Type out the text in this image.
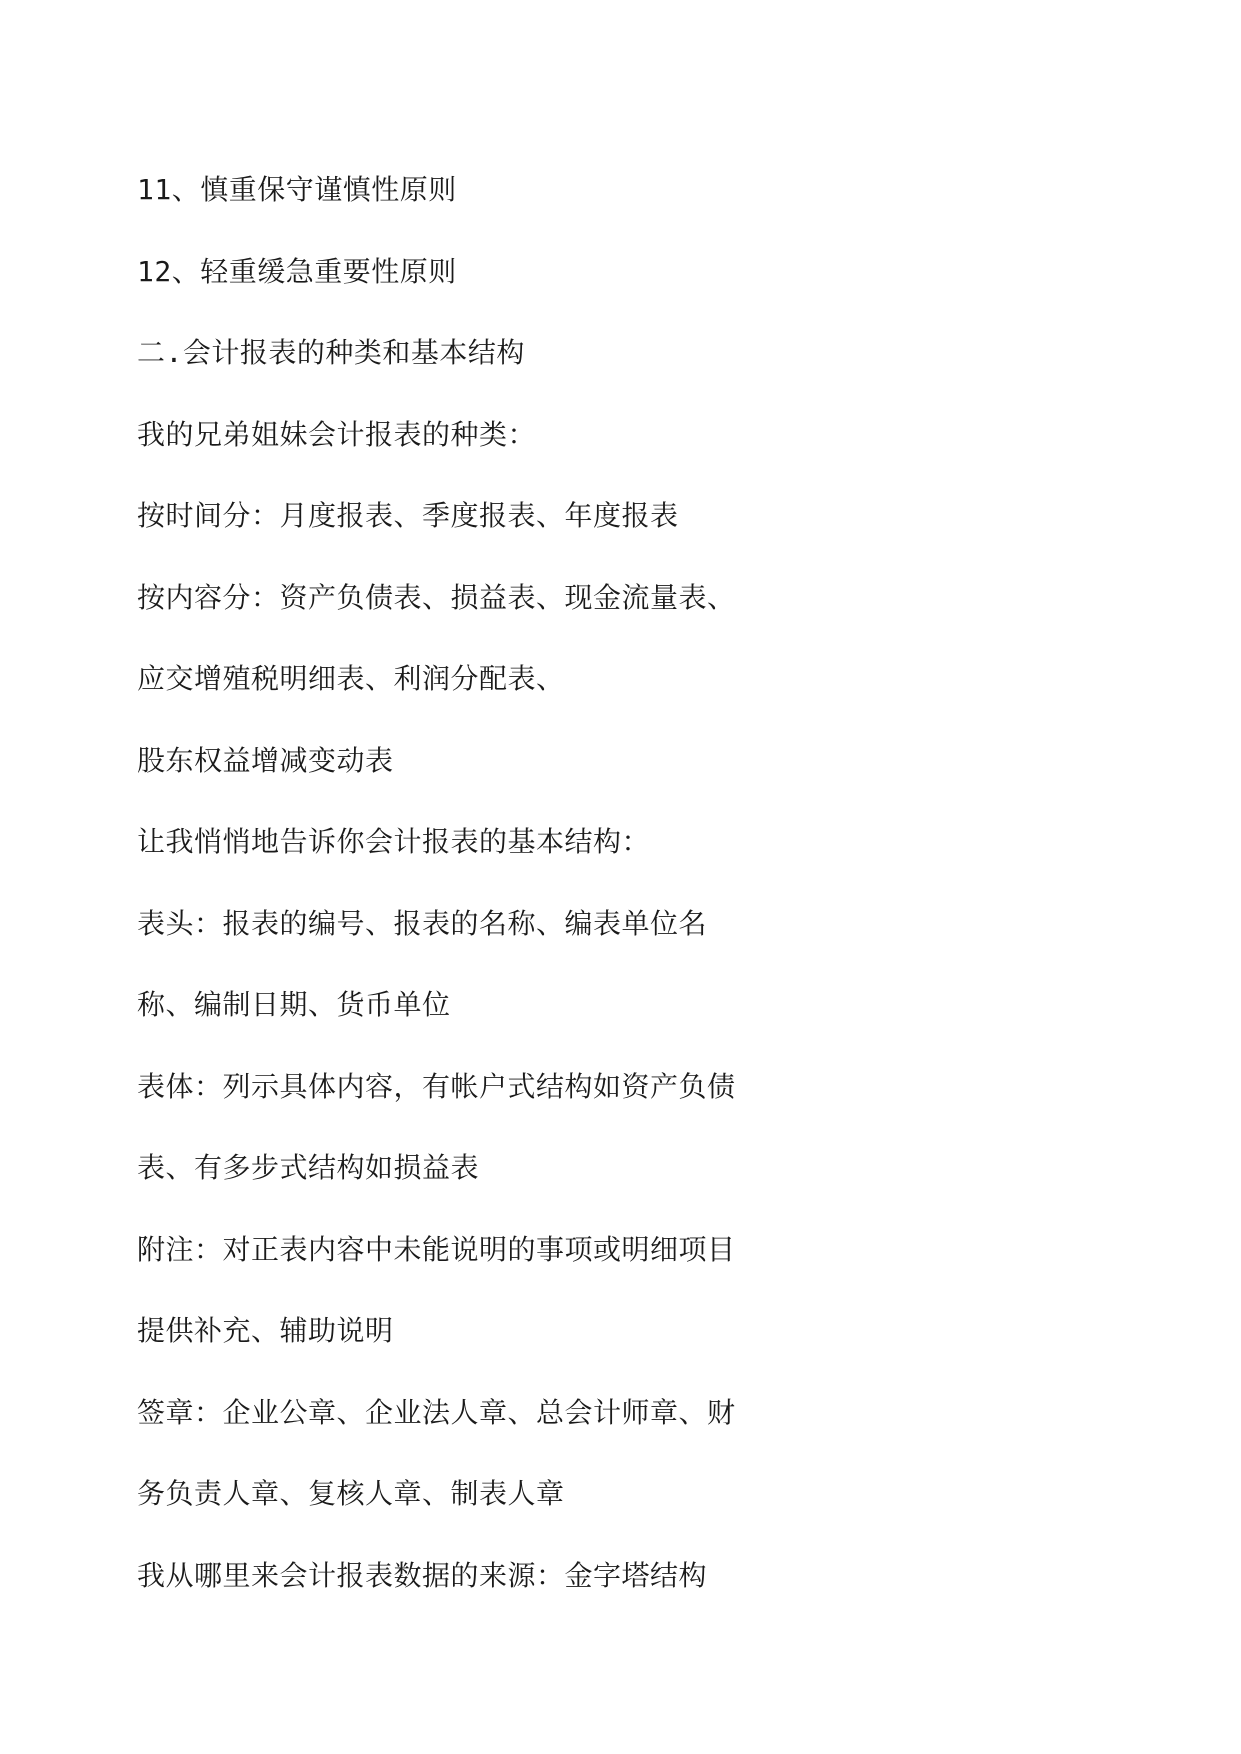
11、慎重保守谨慎性原则
12、轻重缓急重要性原则
二.会计报表的种类和基本结构
我的兄弟姐妹会计报表的种类：
按时间分：月度报表、季度报表、年度报表
按内容分：资产负债表、损益表、现金流量表、
应交增殖税明细表、利润分配表、
股东权益增减变动表
让我悄悄地告诉你会计报表的基本结构：
表头：报表的编号、报表的名称、编表单位名
称、编制日期、货币单位
表体：列示具体内容，有帐户式结构如资产负债
表、有多步式结构如损益表
附注：对正表内容中未能说明的事项或明细项目
提供补充、辅助说明
签章：企业公章、企业法人章、总会计师章、财
务负责人章、复核人章、制表人章
我从哪里来会计报表数据的来源：金字塔结构
